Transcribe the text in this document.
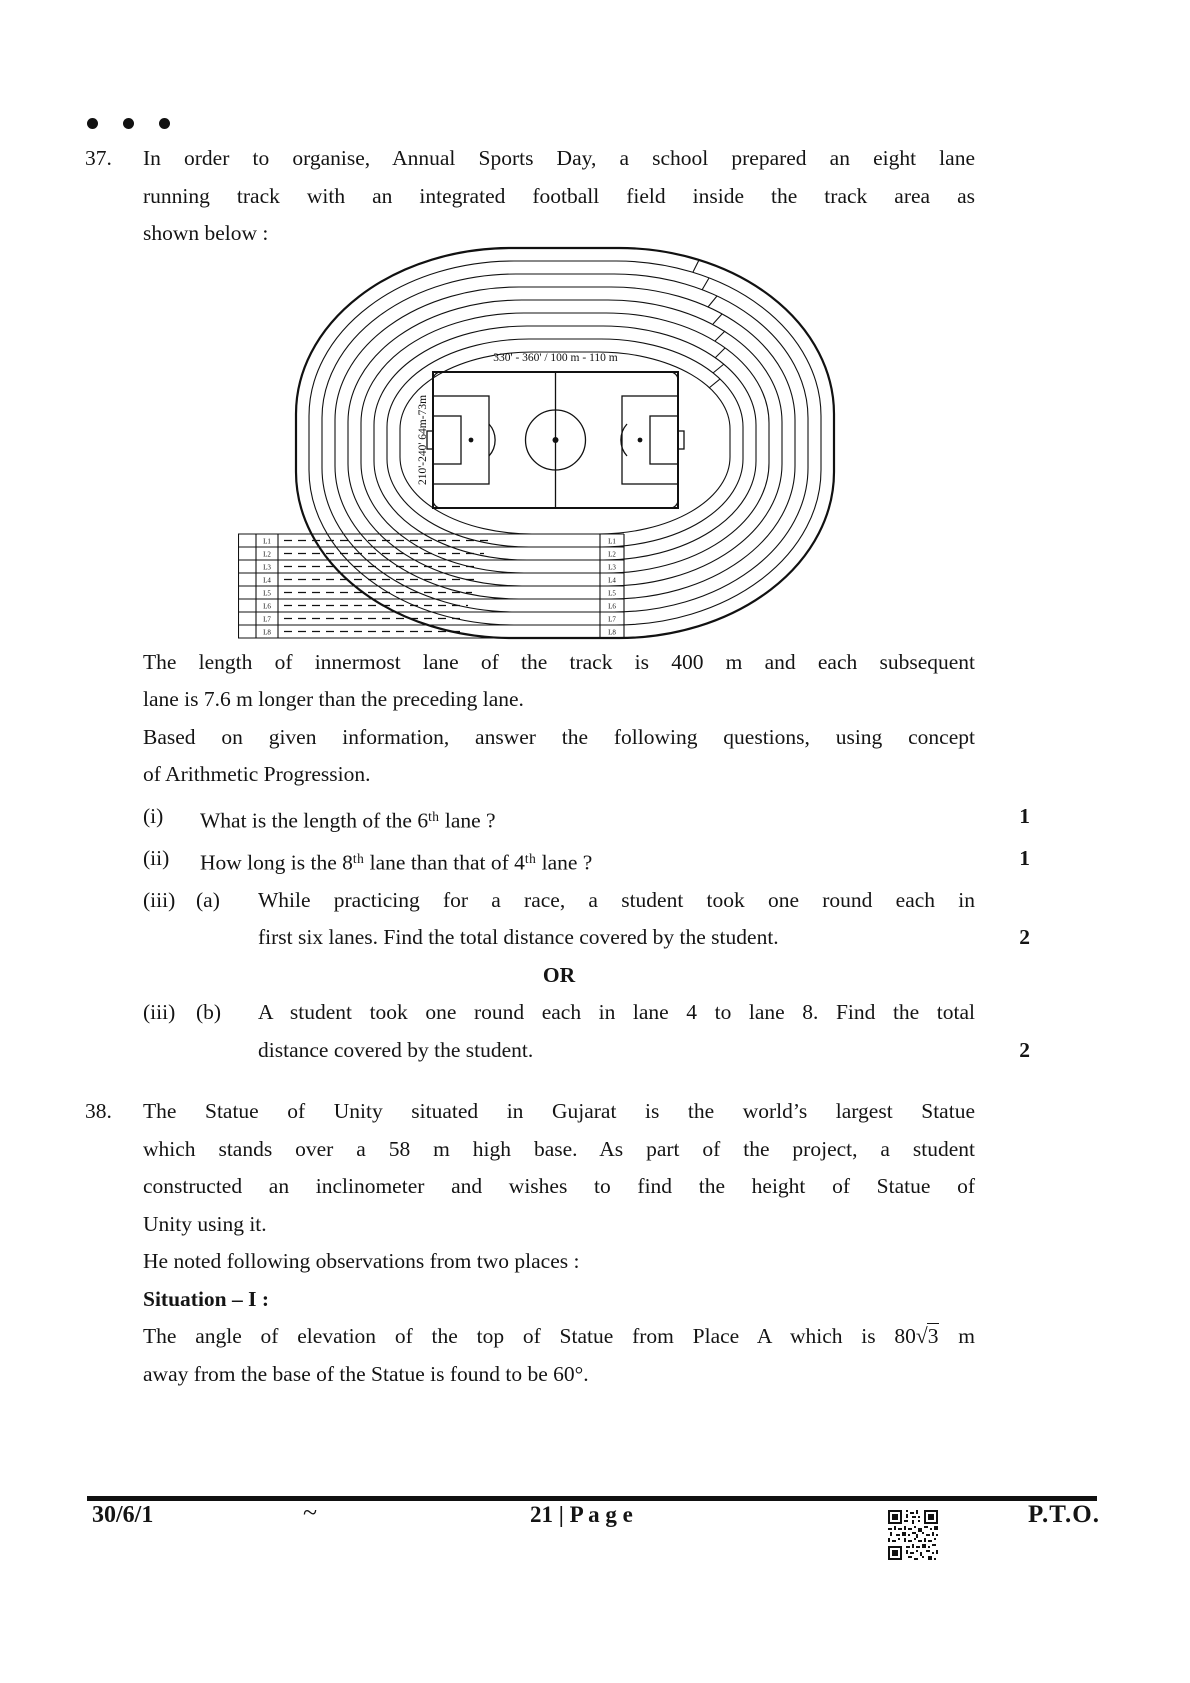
37.	In order to organise, Annual Sports Day, a school prepared an eight lane
running track with an integrated football field inside the track area as
shown below :
L1
L2
L3
L4
L5
L6
L7
L8
L1
L2
L3
L4
L5
L6
L7
L8
330' - 360' / 100 m - 110 m
210'-240' 64m-73m
The length of innermost lane of the track is 400 m and each subsequent
lane is 7.6 m longer than the preceding lane.
Based on given information, answer the following questions, using concept
of Arithmetic Progression.
(i)	What is the length of the 6th lane ?	1
(ii)	How long is the 8th lane than that of 4th lane ?	1
(iii) (a)	While practicing for a race, a student took one round each in
first six lanes. Find the total distance covered by the student.	2
OR
(iii) (b)	A student took one round each in lane 4 to lane 8. Find the total
distance covered by the student.	2
38.	The Statue of Unity situated in Gujarat is the world’s largest Statue
which stands over a 58 m high base. As part of the project, a student
constructed an inclinometer and wishes to find the height of Statue of
Unity using it.
He noted following observations from two places :
Situation – I :
The angle of elevation of the top of Statue from Place A which is 80√3 m
away from the base of the Statue is found to be 60°.
30/6/1	~	21 | P a g e	P.T.O.
